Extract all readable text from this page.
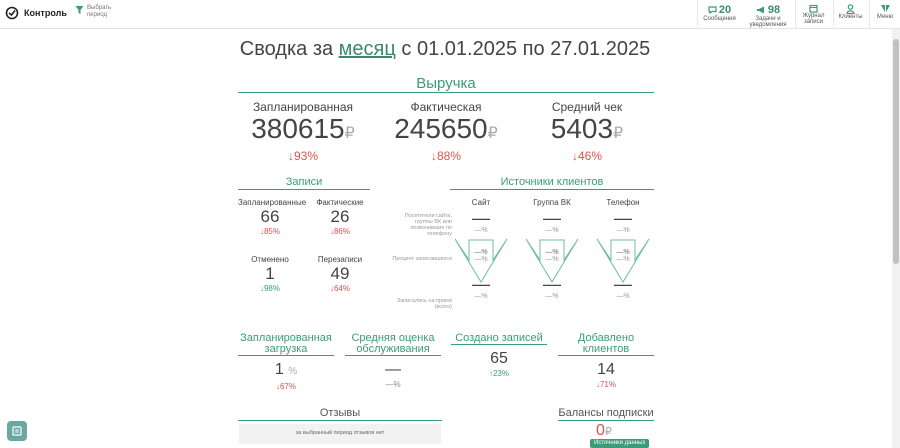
Контроль	Выбрать период	20
Сообщения
98
Задачи и уведомления
Журнал записи
Клиенты Меню
Сводка за месяц с 01.01.2025 по 27.01.2025
Выручка
Запланированная
380615₽
↓93%
Фактическая
245650₽
↓88%
Средний чек
5403₽
↓46%
Записи
Запланированные
66
↓85%
Фактические
26
↓86%
Отменено
1
↓98%
Перезаписи
49
↓64%
Источники клиентов
Посетители сайта, группы ВК или позвонившие по телефону
Процент записавшихся
Записались на прием (всего)
Сайт
—
—%
—%
—%
—
—%
Группа ВК
—
—%
—%
—%
—
—%
Телефон
—
—%
—%
—%
—
—%
Запланированная загрузка
1 %
↓67%
Средняя оценка обслуживания
—
—%
Создано записей
65
↑23%
Добавлено клиентов
14
↓71%
Отзывы
за выбранный период отзывов нет
Балансы подписки
0₽
Источники данных
